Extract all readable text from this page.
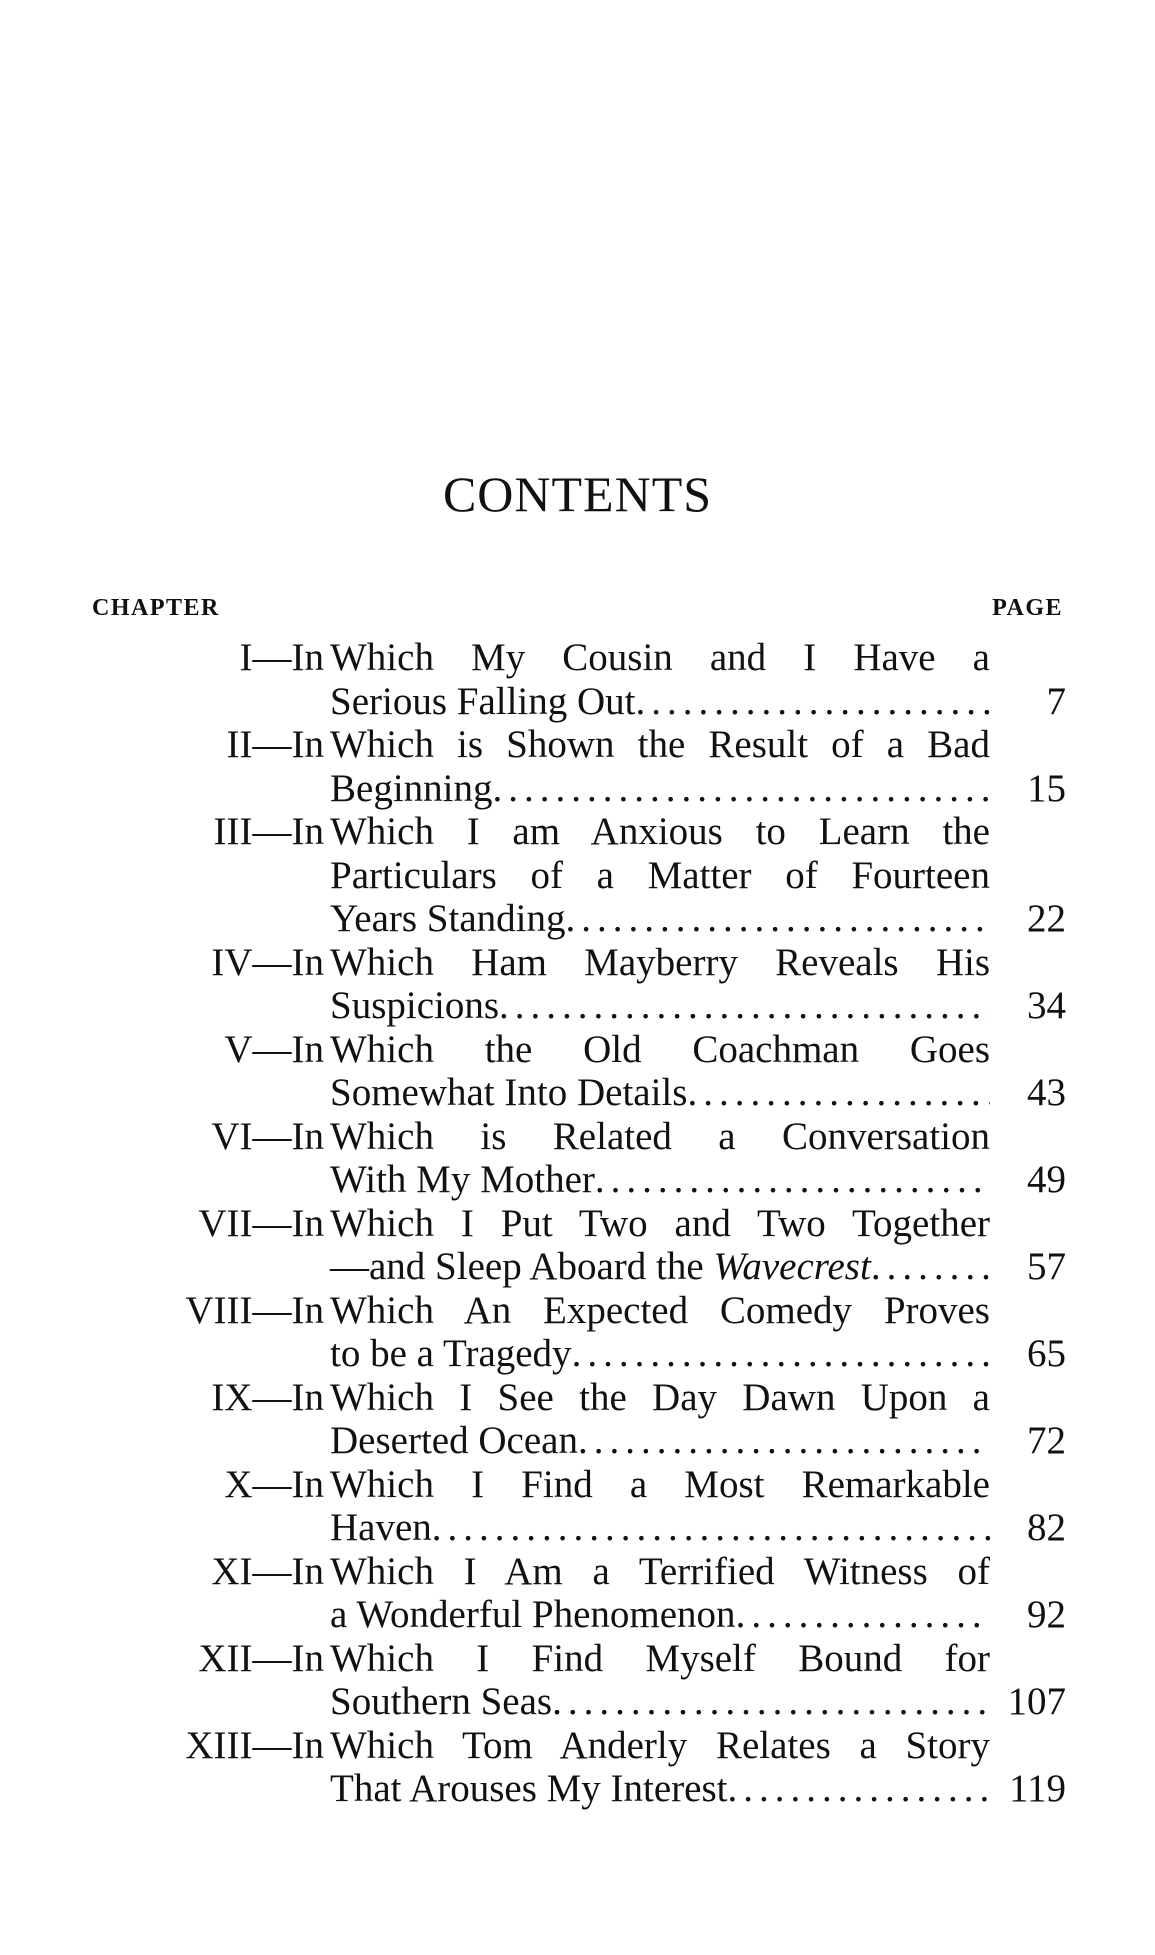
CONTENTS
CHAPTER	PAGE
I—In Which My Cousin and I Have a
Serious Falling Out .....	7
II—In Which is Shown the Result of a Bad
Beginning .....	15
III—In Which I am Anxious to Learn the
Particulars of a Matter of Fourteen
Years Standing .....	22
IV—In Which Ham Mayberry Reveals His
Suspicions .....	34
V—In Which the Old Coachman Goes
Somewhat Into Details .....	43
VI—In Which is Related a Conversation
With My Mother .....	49
VII—In Which I Put Two and Two Together
—and Sleep Aboard the Wavecrest .....	57
VIII—In Which An Expected Comedy Proves
to be a Tragedy .....	65
IX—In Which I See the Day Dawn Upon a
Deserted Ocean .....	72
X—In Which I Find a Most Remarkable
Haven .....	82
XI—In Which I Am a Terrified Witness of
a Wonderful Phenomenon .....	92
XII—In Which I Find Myself Bound for
Southern Seas .....	107
XIII—In Which Tom Anderly Relates a Story
That Arouses My Interest .....	119
